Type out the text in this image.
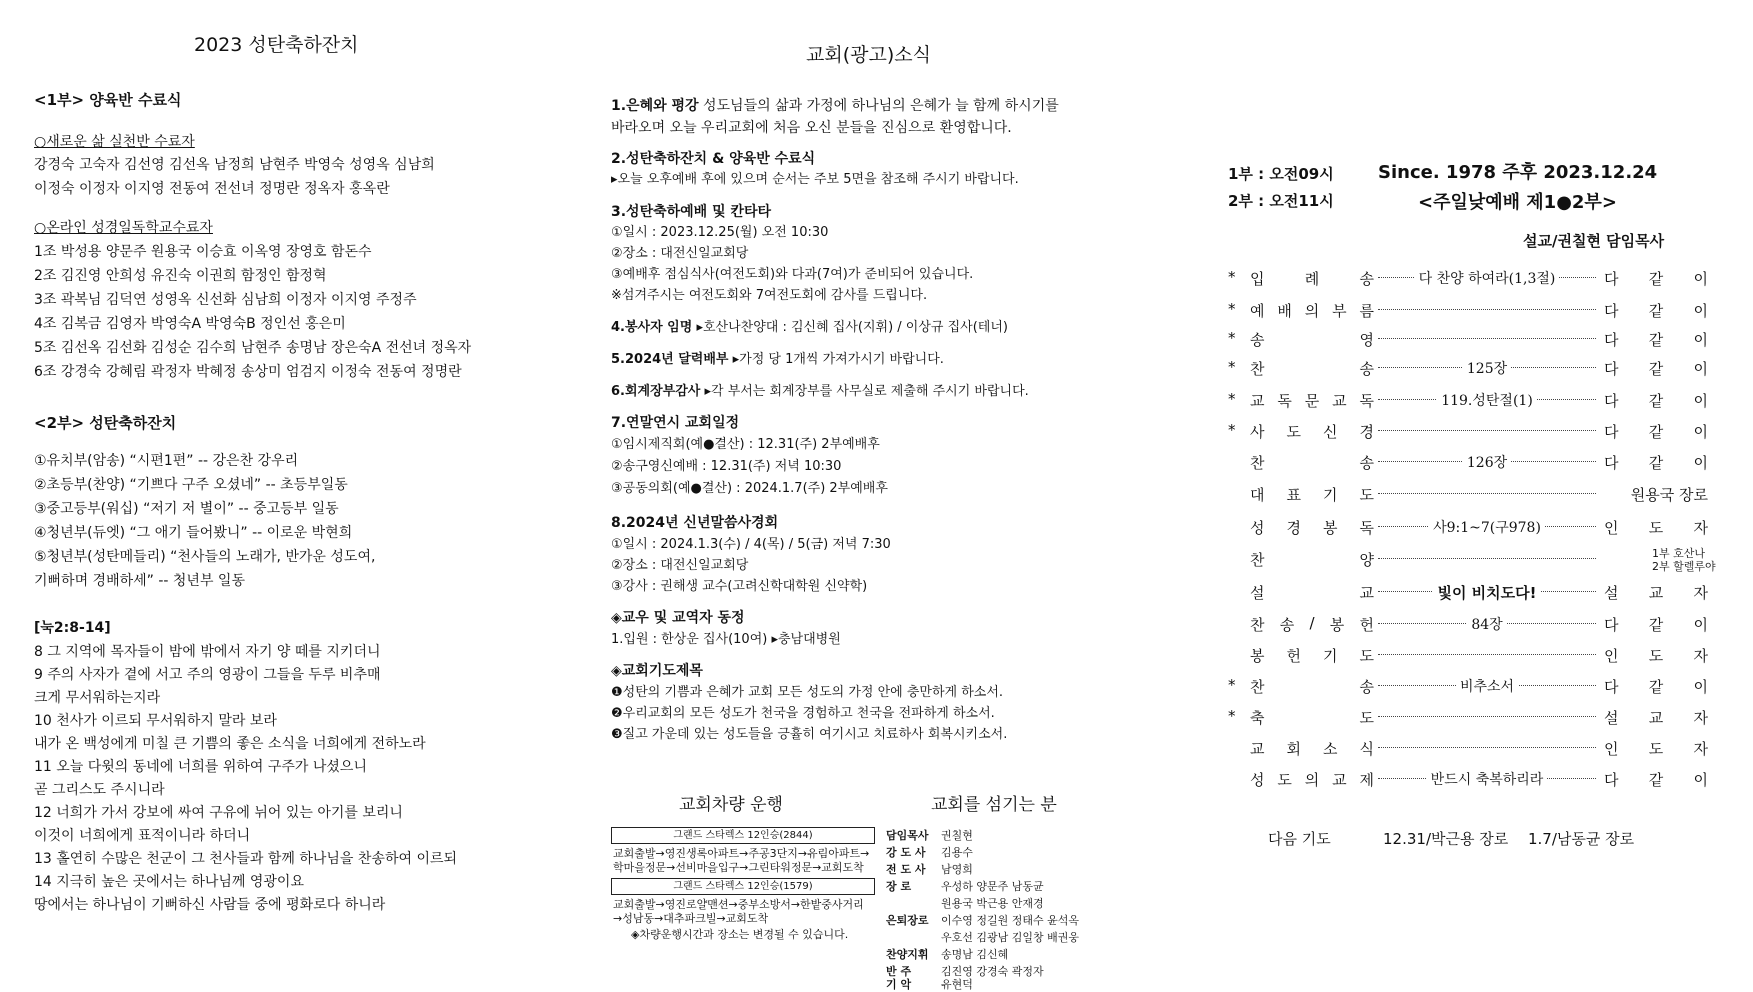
2023 성탄축하잔치
<1부> 양육반 수료식
○새로운 삶 실천반 수료자
강경숙 고숙자 김선영 김선옥 남정희 남현주 박영숙 성영옥 심남희
이정숙 이정자 이지영 전동여 전선녀 정명란 정옥자 홍옥란
○온라인 성경일독학교수료자
1조 박성용 양문주 원용국 이승효 이옥영 장영호 함돈수
2조 김진영 안희성 유진숙 이권희 함정인 함정혁
3조 곽복님 김덕연 성영옥 신선화 심남희 이정자 이지영 주정주
4조 김복금 김영자 박영숙A 박영숙B 정인선 홍은미
5조 김선옥 김선화 김성순 김수희 남현주 송명남 장은숙A 전선녀 정옥자
6조 강경숙 강혜림 곽정자 박혜정 송상미 엄검지 이정숙 전동여 정명란
<2부> 성탄축하잔치
①유치부(암송) “시편1편” -- 강은찬 강우리
②초등부(찬양) “기쁘다 구주 오셨네” -- 초등부일동
③중고등부(워십) “저기 저 별이” -- 중고등부 일동
④청년부(듀엣) “그 애기 들어봤니” -- 이로운 박현희
⑤청년부(성탄메들리) “천사들의 노래가, 반가운 성도여,
기뻐하며 경배하세” -- 청년부 일동
[눅2:8-14]
8 그 지역에 목자들이 밤에 밖에서 자기 양 떼를 지키더니
9 주의 사자가 곁에 서고 주의 영광이 그들을 두루 비추매
크게 무서워하는지라
10 천사가 이르되 무서워하지 말라 보라
내가 온 백성에게 미칠 큰 기쁨의 좋은 소식을 너희에게 전하노라
11 오늘 다윗의 동네에 너희를 위하여 구주가 나셨으니
곧 그리스도 주시니라
12 너희가 가서 강보에 싸여 구유에 뉘어 있는 아기를 보리니
이것이 너희에게 표적이니라 하더니
13 홀연히 수많은 천군이 그 천사들과 함께 하나님을 찬송하여 이르되
14 지극히 높은 곳에서는 하나님께 영광이요
땅에서는 하나님이 기뻐하신 사람들 중에 평화로다 하니라
교회(광고)소식
1.은혜와 평강 성도님들의 삶과 가정에 하나님의 은혜가 늘 함께 하시기를
바라오며 오늘 우리교회에 처음 오신 분들을 진심으로 환영합니다.
2.성탄축하잔치 & 양육반 수료식
▸오늘 오후예배 후에 있으며 순서는 주보 5면을 참조해 주시기 바랍니다.
3.성탄축하예배 및 칸타타
①일시 : 2023.12.25(월) 오전 10:30
②장소 : 대전신일교회당
③예배후 점심식사(여전도회)와 다과(7여)가 준비되어 있습니다.
※섬겨주시는 여전도회와 7여전도회에 감사를 드립니다.
4.봉사자 임명 ▸호산나찬양대 : 김신혜 집사(지휘) / 이상규 집사(테너)
5.2024년 달력배부 ▸가정 당 1개씩 가져가시기 바랍니다.
6.회계장부감사 ▸각 부서는 회계장부를 사무실로 제출해 주시기 바랍니다.
7.연말연시 교회일정
①임시제직회(예●결산) : 12.31(주) 2부예배후
②송구영신예배 : 12.31(주) 저녁 10:30
③공동의회(예●결산) : 2024.1.7(주) 2부예배후
8.2024년 신년말씀사경회
①일시 : 2024.1.3(수) / 4(목) / 5(금) 저녁 7:30
②장소 : 대전신일교회당
③강사 : 권해생 교수(고려신학대학원 신약학)
◈교우 및 교역자 동정
1.입원 : 한상운 집사(10여) ▸충남대병원
◈교회기도제목
❶성탄의 기쁨과 은혜가 교회 모든 성도의 가정 안에 충만하게 하소서.
❷우리교회의 모든 성도가 천국을 경험하고 천국을 전파하게 하소서.
❸질고 가운데 있는 성도들을 긍휼히 여기시고 치료하사 회복시키소서.
교회차량 운행
그랜드 스타렉스 12인승(2844)
교회출발→영진생록아파트→주공3단지→유림아파트→
학마을정문→선비마을입구→그린타워정문→교회도착
그랜드 스타렉스 12인승(1579)
교회출발→영진로얄맨션→중부소방서→한밭중사거리
→성남동→대추파크빌→교회도착
◈차량운행시간과 장소는 변경될 수 있습니다.
교회를 섬기는 분
담임목사 권칠현
강 도 사 김용수
전 도 사 남영희
장 로	우성하 양문주 남동균
원용국 박근용 안재경
은퇴장로 이수영 정길원 정태수 윤석옥
우호선 김광남 김일창 배권웅
찬양지휘 송명남 김신혜
반 주	김진영 강경숙 곽정자
기 악	유현덕
1부 : 오전09시
2부 : 오전11시
Since. 1978 주후 2023.12.24
<주일낮예배 제1●2부>
설교/권칠현 담임목사
* 입	례	송	다 찬양 하여라(1,3절)	다 같 이
* 예 배 의 부 름	다 같 이
* 송	영	다 같 이
* 찬	송	125장	다 같 이
* 교 독 문 교 독	119.성탄절(1)	다 같 이
* 사 도 신 경	다 같 이
찬	송	126장	다 같 이
대 표 기 도	원용국 장로
성 경 봉 독	사9:1~7(구978)	인 도 자
찬	양	1부 호산나
2부 할렐루야
설	교	빛이 비치도다!	설 교 자
찬 송 / 봉 헌	84장	다 같 이
봉 헌 기 도	인 도 자
* 찬	송	비추소서	다 같 이
* 축	도	설 교 자
교 회 소 식	인 도 자
성 도 의 교 제	반드시 축복하리라	다 같 이
다음 기도	12.31/박근용 장로 1.7/남동균 장로
